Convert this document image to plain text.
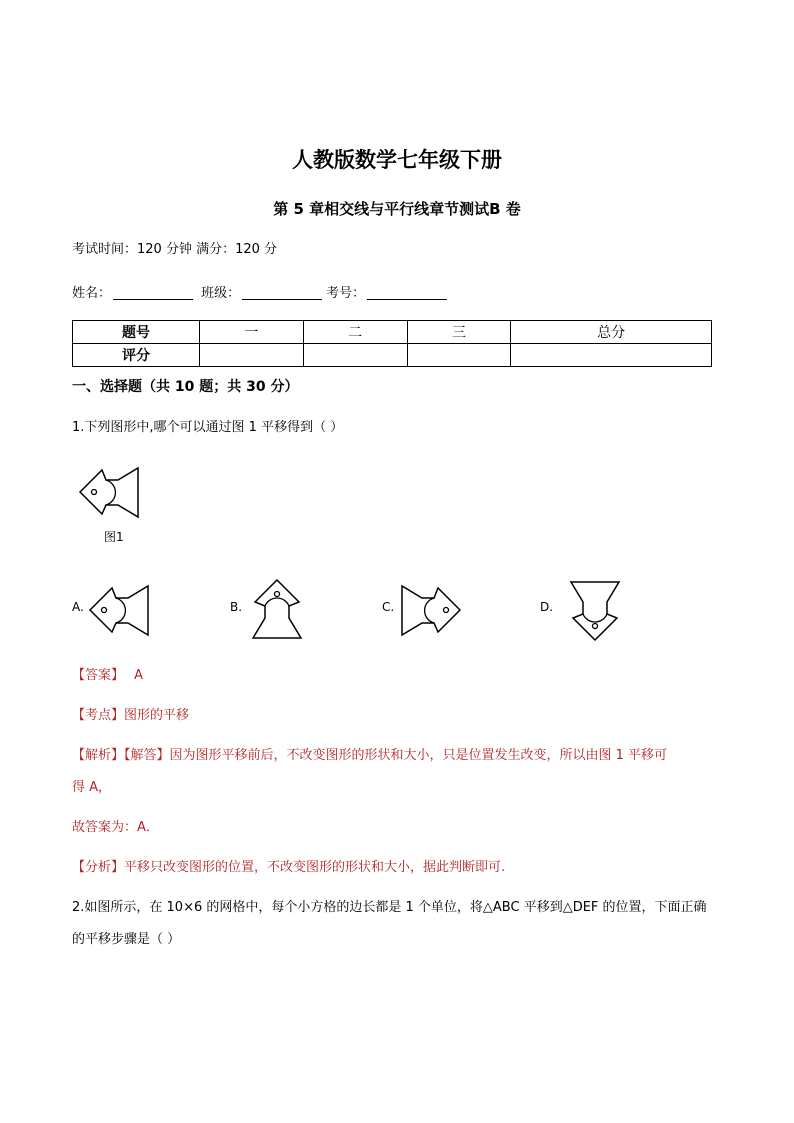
人教版数学七年级下册
第 5 章相交线与平行线章节测试B 卷
考试时间：120 分钟 满分：120 分
姓名：	班级：	考号：
题号	一	二	三	总分
评分				
一、选择题（共 10 题；共 30 分）
1.下列图形中,哪个可以通过图 1 平移得到（ ）
图1
A.	B.	C.	D.
【答案】 A
【考点】图形的平移
【解析】【解答】因为图形平移前后，不改变图形的形状和大小，只是位置发生改变，所以由图 1 平移可
得 A，
故答案为：A．
【分析】平移只改变图形的位置，不改变图形的形状和大小，据此判断即可.
2.如图所示，在 10×6 的网格中，每个小方格的边长都是 1 个单位，将△ABC 平移到△DEF 的位置，下面正确
的平移步骤是（ ）
